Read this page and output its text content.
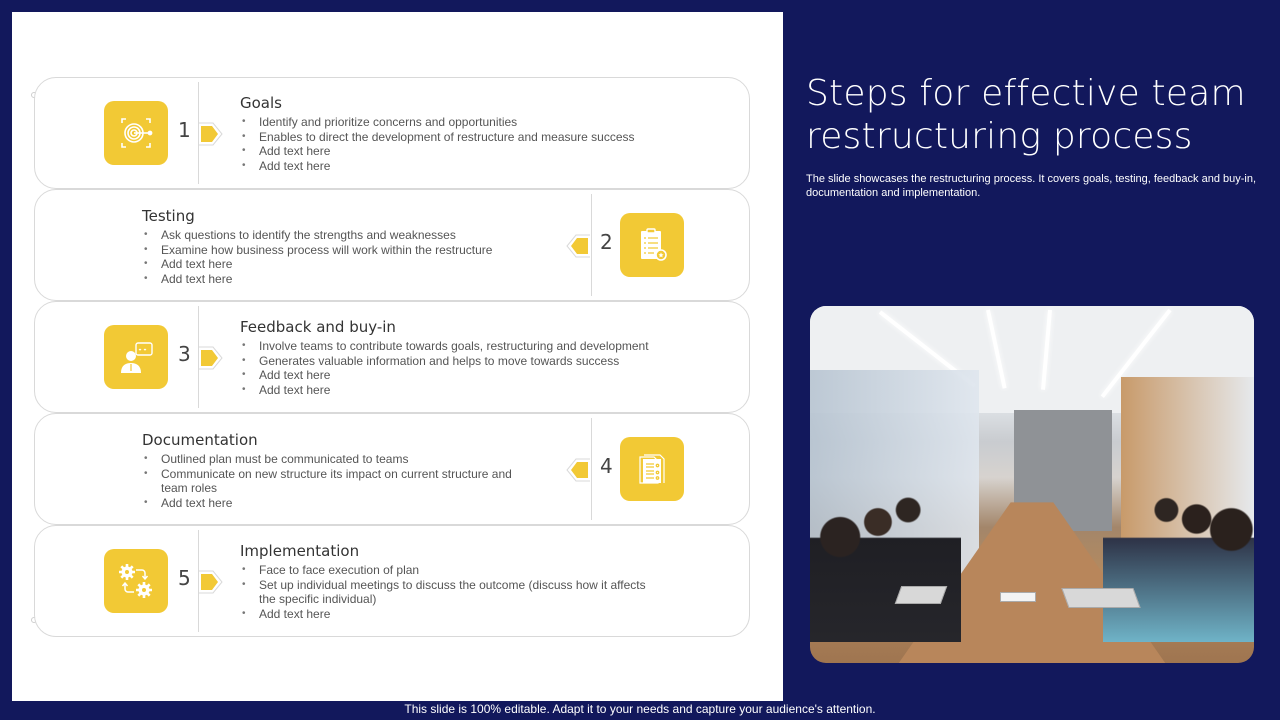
1
Goals
• Identify and prioritize concerns and opportunities
• Enables to direct the development of restructure and measure success
• Add text here
• Add text here
Testing
• Ask questions to identify the strengths and weaknesses
• Examine how business process will work within the restructure
• Add text here
• Add text here
2
3
Feedback and buy-in
• Involve teams to contribute towards goals, restructuring and development
• Generates valuable information and helps to move towards success
• Add text here
• Add text here
Documentation
• Outlined plan must be communicated to teams
• Communicate on new structure its impact on current structure and team roles
• Add text here
4
5
Implementation
• Face to face execution of plan
• Set up individual meetings to discuss the outcome (discuss how it affects the specific individual)
• Add text here
Steps for effective team restructuring process

The slide showcases the restructuring process. It covers goals, testing, feedback and buy-in, documentation and implementation.

This slide is 100% editable. Adapt it to your needs and capture your audience's attention.
